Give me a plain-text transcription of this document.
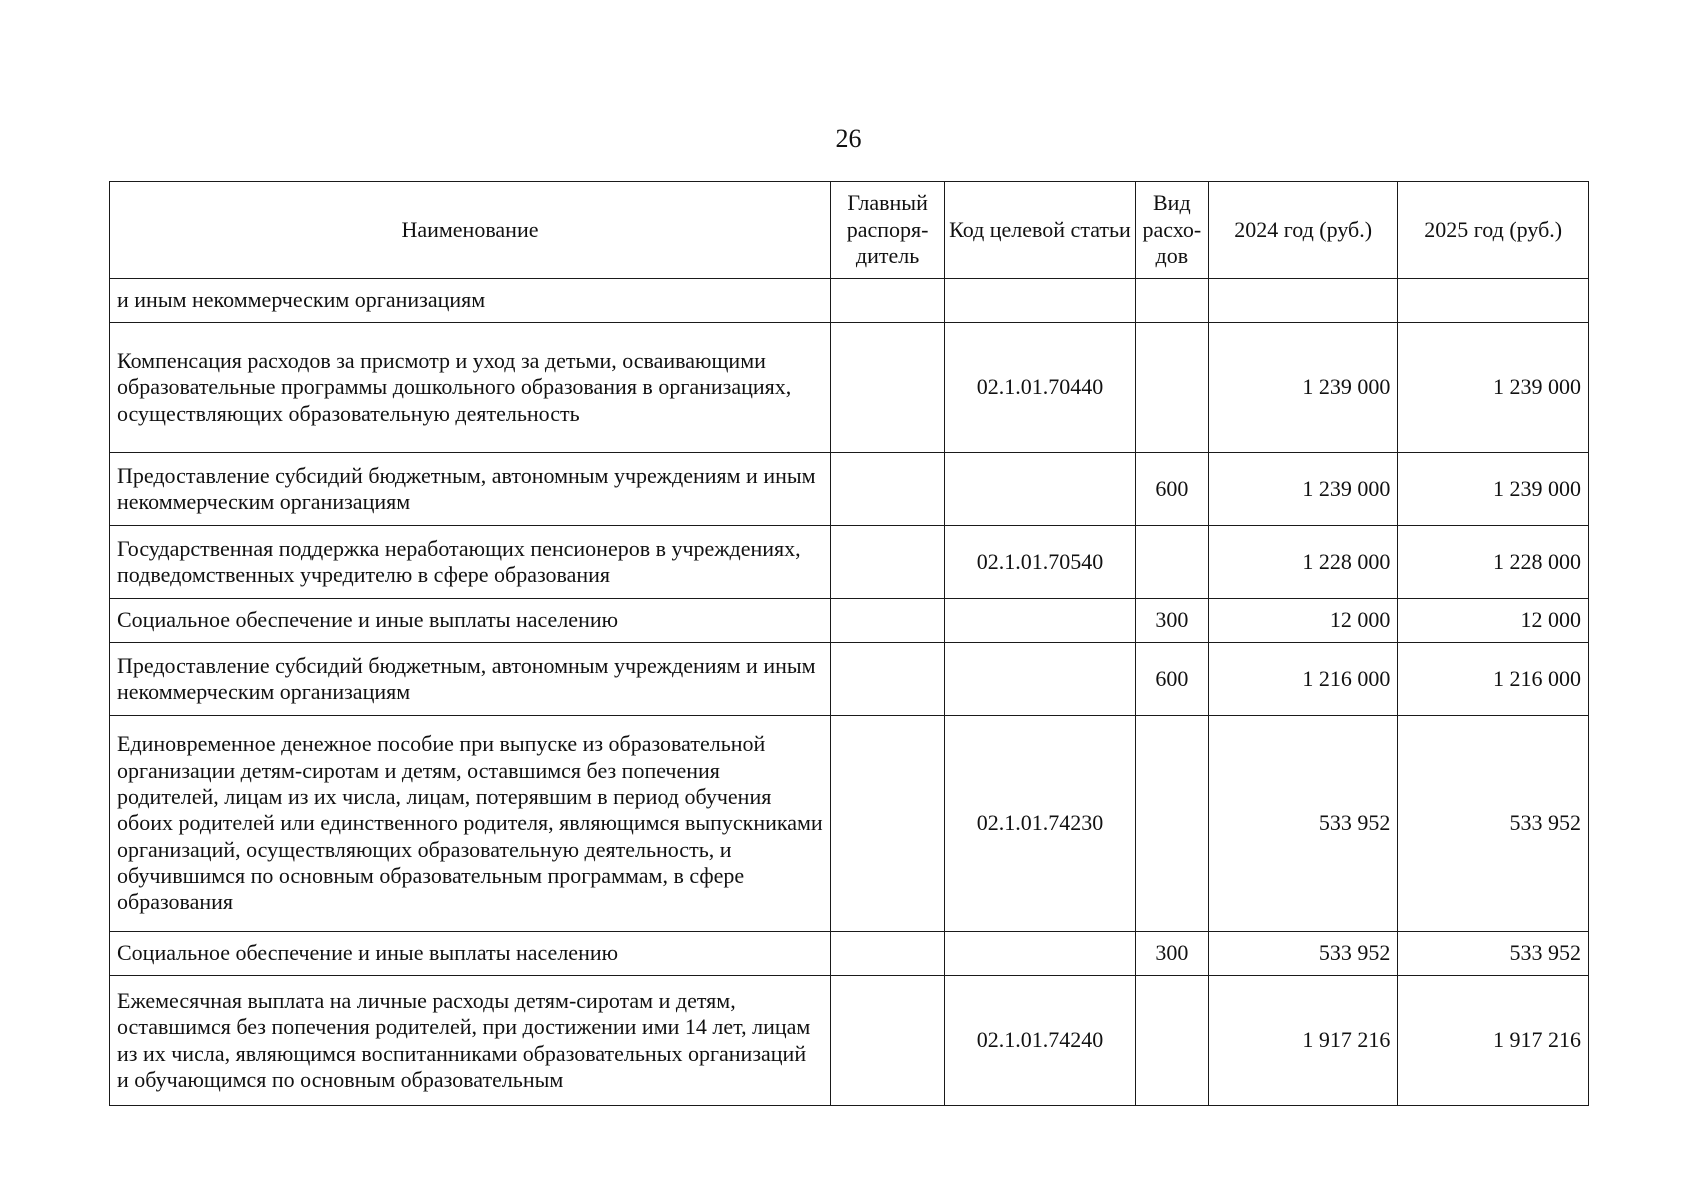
26
Наименование	Главный распоря-дитель	Код целевой статьи	Вид расхо-дов	2024 год (руб.)	2025 год (руб.)
и иным некоммерческим организациям					
Компенсация расходов за присмотр и уход за детьми, осваивающими образовательные программы дошкольного образования в организациях, осуществляющих образовательную деятельность		02.1.01.70440		1 239 000	1 239 000
Предоставление субсидий бюджетным, автономным учреждениям и иным некоммерческим организациям			600	1 239 000	1 239 000
Государственная поддержка неработающих пенсионеров в учреждениях, подведомственных учредителю в сфере образования		02.1.01.70540		1 228 000	1 228 000
Социальное обеспечение и иные выплаты населению			300	12 000	12 000
Предоставление субсидий бюджетным, автономным учреждениям и иным некоммерческим организациям			600	1 216 000	1 216 000
Единовременное денежное пособие при выпуске из образовательной организации детям-сиротам и детям, оставшимся без попечения родителей, лицам из их числа, лицам, потерявшим в период обучения обоих родителей или единственного родителя, являющимся выпускниками организаций, осуществляющих образовательную деятельность, и обучившимся по основным образовательным программам, в сфере образования		02.1.01.74230		533 952	533 952
Социальное обеспечение и иные выплаты населению			300	533 952	533 952
Ежемесячная выплата на личные расходы детям-сиротам и детям, оставшимся без попечения родителей, при достижении ими 14 лет, лицам из их числа, являющимся воспитанниками образовательных организаций и обучающимся по основным образовательным		02.1.01.74240		1 917 216	1 917 216
